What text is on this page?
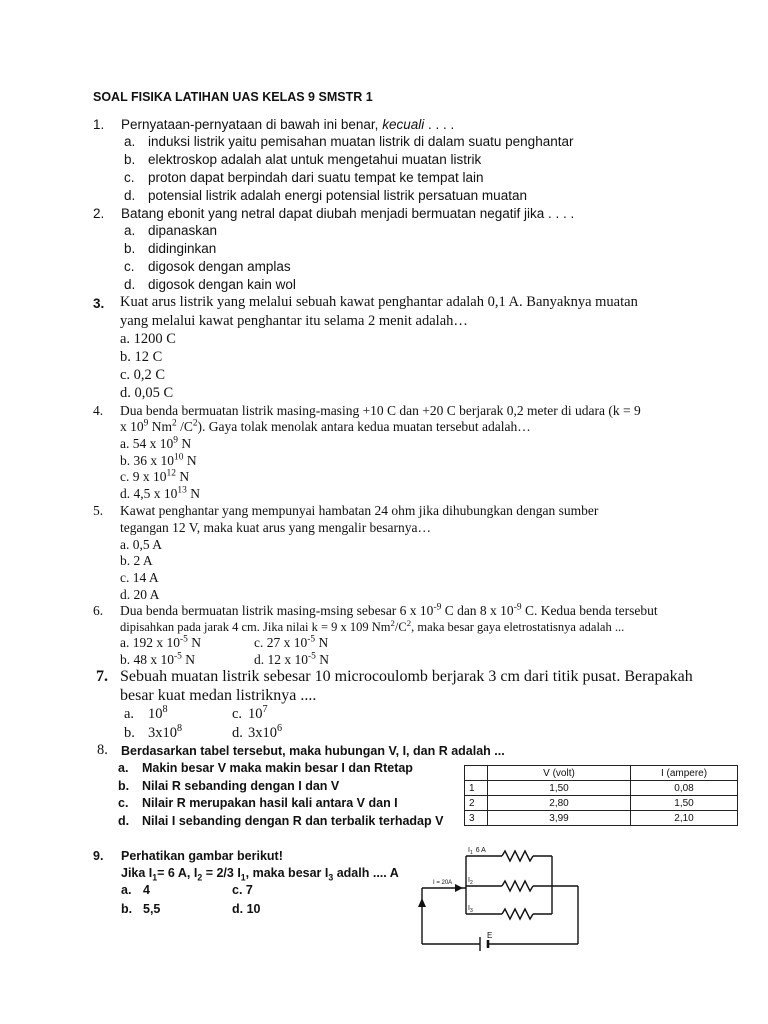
SOAL FISIKA LATIHAN UAS KELAS 9 SMSTR 1
1. Pernyataan-pernyataan di bawah ini benar, kecuali . . . .
a. induksi listrik yaitu pemisahan muatan listrik di dalam suatu penghantar
b. elektroskop adalah alat untuk mengetahui muatan listrik
c. proton dapat berpindah dari suatu tempat ke tempat lain
d. potensial listrik adalah energi potensial listrik persatuan muatan
2. Batang ebonit yang netral dapat diubah menjadi bermuatan negatif jika . . . .
a. dipanaskan
b. didinginkan
c. digosok dengan amplas
d. digosok dengan kain wol
3. Kuat arus listrik yang melalui sebuah kawat penghantar adalah 0,1 A. Banyaknya muatan
yang melalui kawat penghantar itu selama 2 menit adalah…
a. 1200 C
b. 12 C
c. 0,2 C
d. 0,05 C
4. Dua benda bermuatan listrik masing-masing +10 C dan +20 C berjarak 0,2 meter di udara (k = 9
x $10^9$ Nm$^2$ $/C^2$). Gaya tolak menolak antara kedua muatan tersebut adalah…
a. 54 x $10^9$ N
b. 36 x $10^{10}$ N
c. 9 x $10^{12}$ N
d. 4,5 x $10^{13}$ N
5. Kawat penghantar yang mempunyai hambatan 24 ohm jika dihubungkan dengan sumber
tegangan 12 V, maka kuat arus yang mengalir besarnya…
a. 0,5 A
b. 2 A
c. 14 A
d. 20 A
6. Dua benda bermuatan listrik masing-msing sebesar 6 x $10^{-9}$ C dan 8 x $10^{-9}$ C. Kedua benda tersebut
dipisahkan pada jarak 4 cm. Jika nilai k = 9 x 109 $Nm^2/C^2$, maka besar gaya eletrostatisnya adalah ...
a. 192 x $10^{-5}$ N	c. 27 x $10^{-5}$ N
b. 48 x $10^{-5}$ N	d. 12 x $10^{-5}$ N
7. Sebuah muatan listrik sebesar 10 microcoulomb berjarak 3 cm dari titik pusat. Berapakah
besar kuat medan listriknya ....
a. $10^8$	c. $10^7$
b. $3x10^8$	d. $3x10^6$
8. Berdasarkan tabel tersebut, maka hubungan V, I, dan R adalah ...
a. Makin besar V maka makin besar I dan Rtetap
b. Nilai R sebanding dengan I dan V
c. Nilair R merupakan hasil kali antara V dan I
d. Nilai I sebanding dengan R dan terbalik terhadap V
	V (volt)	I (ampere)
1	1,50	0,08
2	2,80	1,50
3	3,99	2,10
9. Perhatikan gambar berikut!
Jika $I_1= 6$ A, $I_2 = 2/3$ $I_1$, maka besar $I_3$ adalh .... A
a. 4	c. 7
b. 5,5	d. 10
$I_1$ 6 A
I = 20A $I_2$
$I_3$
E
